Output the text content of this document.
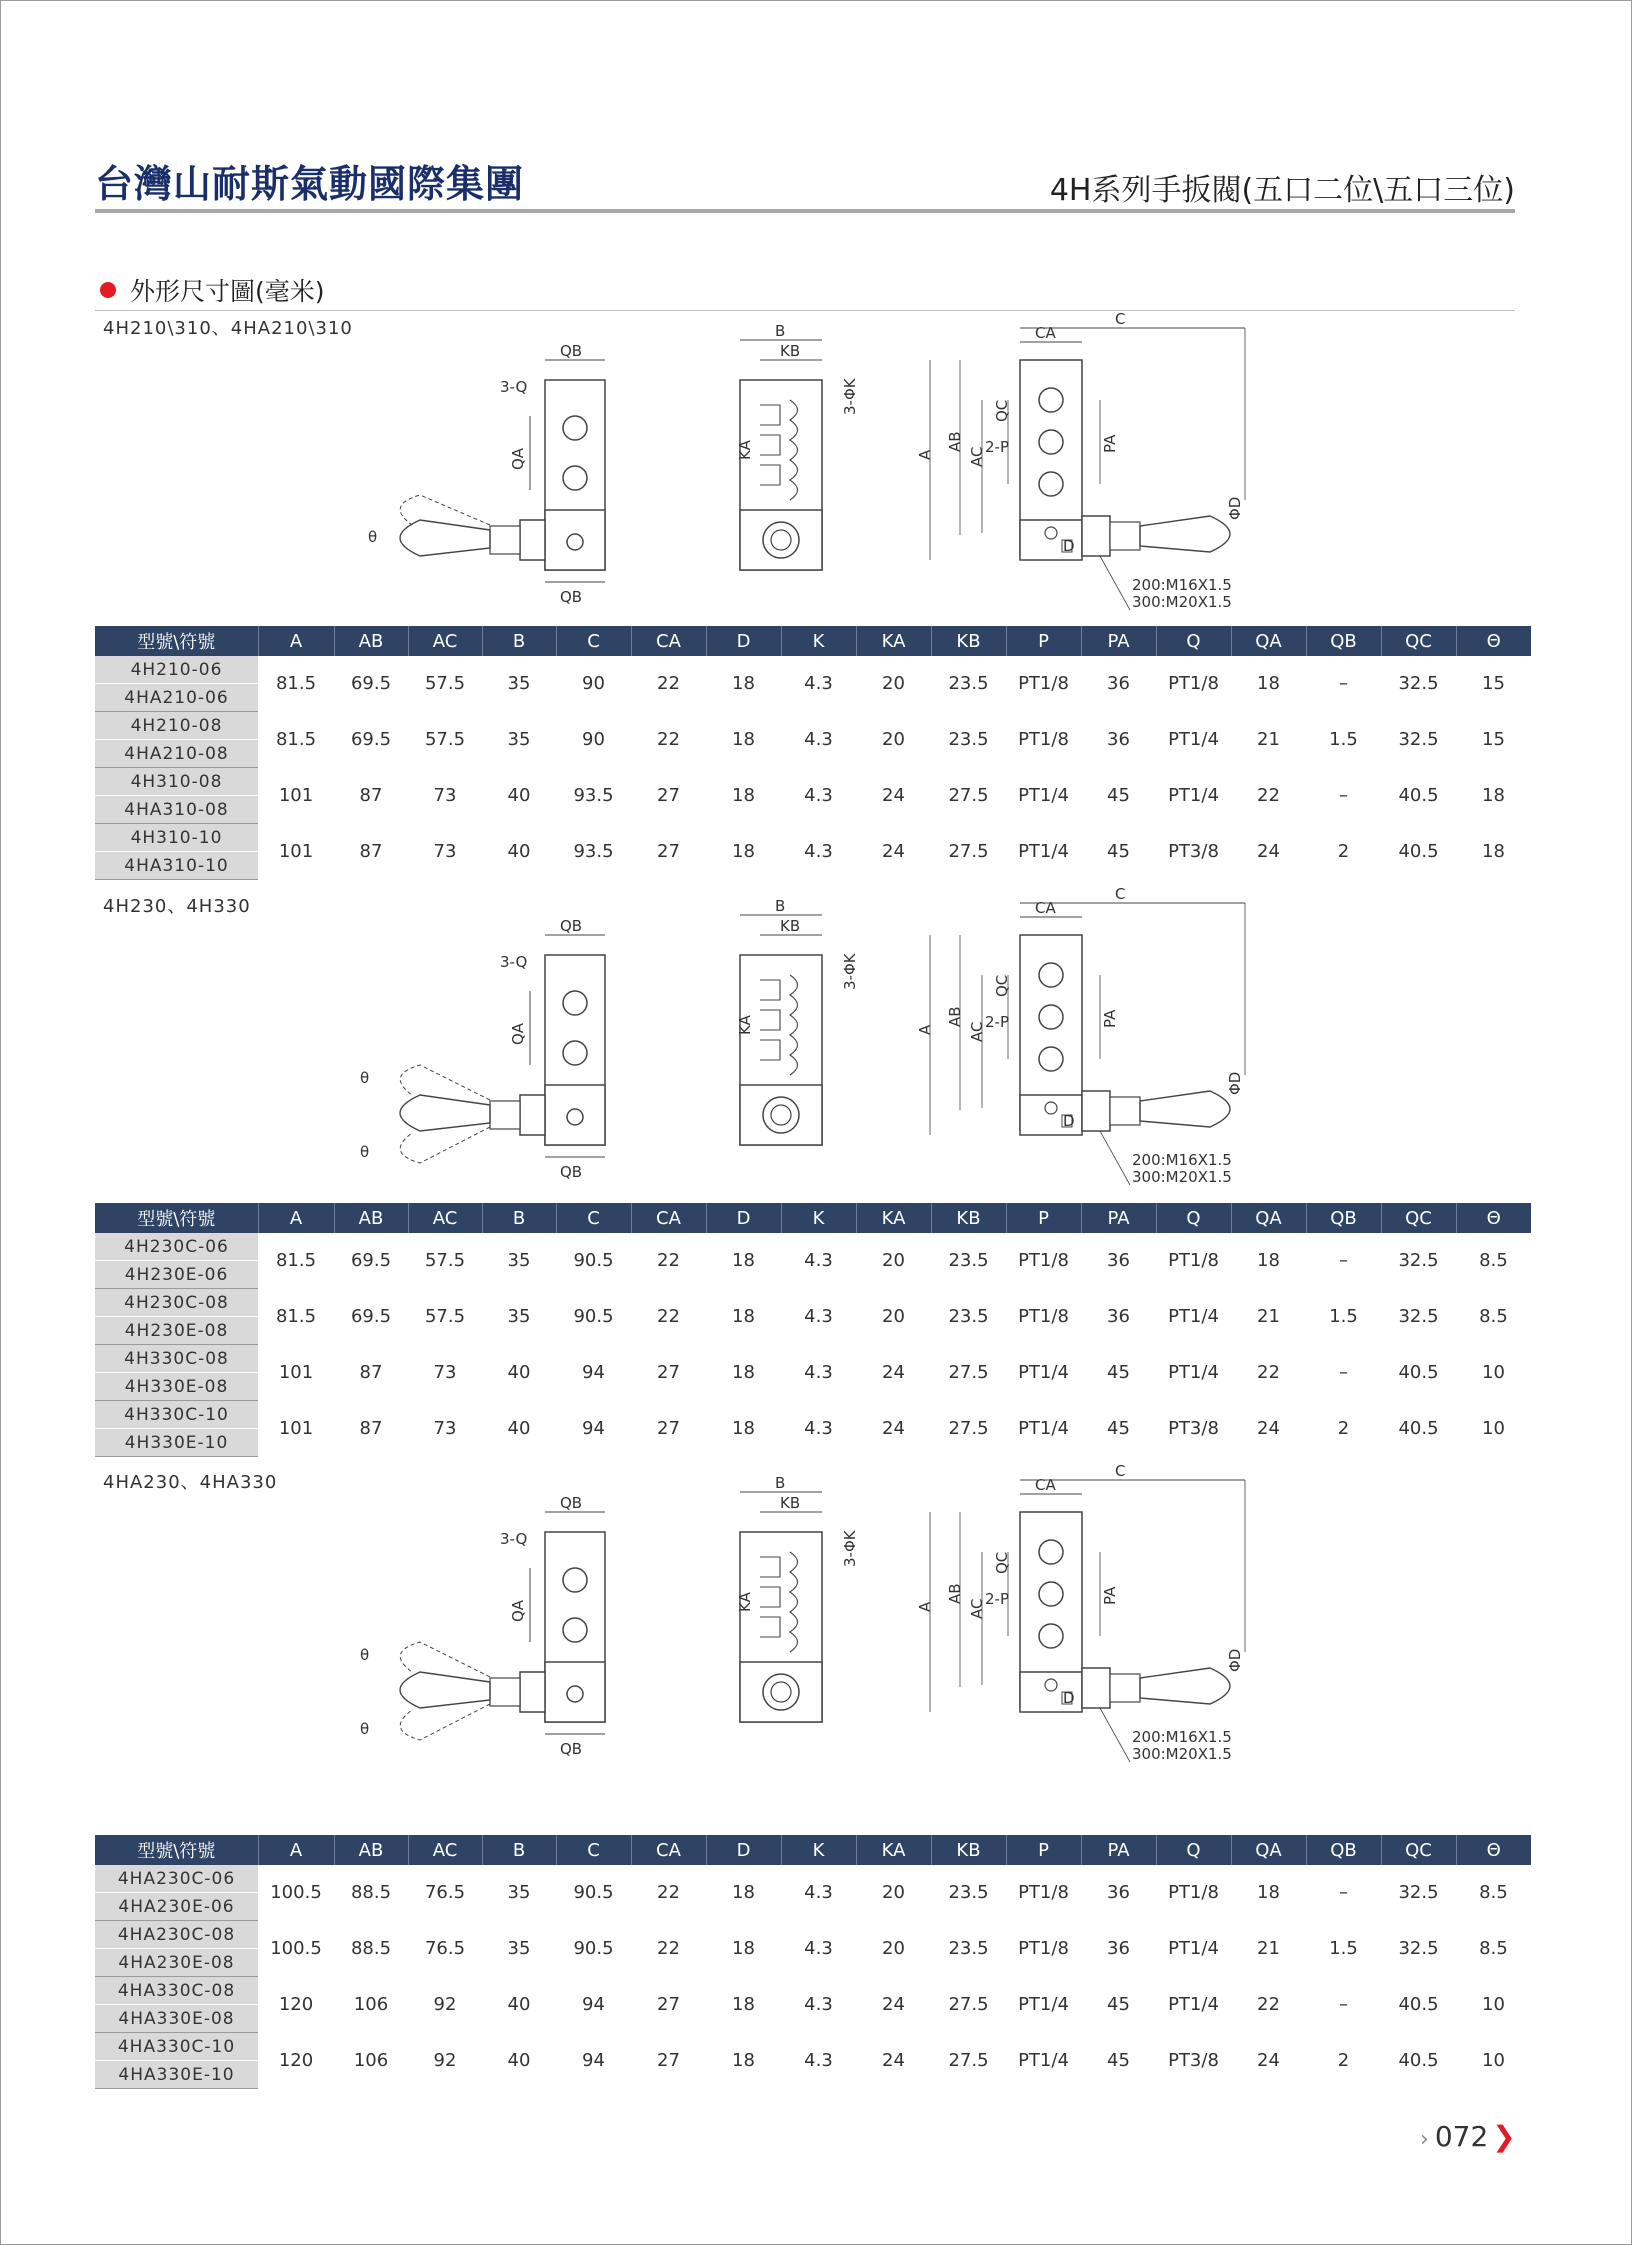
台灣山耐斯氣動國際集團	4H系列手扳閥(五口二位\五口三位)
外形尺寸圖(毫米)
4H210\310、4HA210\310
θ
QB
3-Q
QA
QB
B
KB
KA
3-ΦK
D
CA
C
ΦD
A
AB
AC
QC
2-P	PA
200:M16X1.5
300:M20X1.5
型號\符號	A	AB	AC	B	C	CA	D	K	KA	KB	P	PA	Q	QA	QB	QC	Θ
4H210-06	81.5	69.5	57.5	35	90	22	18	4.3	20	23.5	PT1/8	36	PT1/8	18	–	32.5	15
4HA210-06																	
4H210-08	81.5	69.5	57.5	35	90	22	18	4.3	20	23.5	PT1/8	36	PT1/4	21	1.5	32.5	15
4HA210-08																	
4H310-08	101	87	73	40	93.5	27	18	4.3	24	27.5	PT1/4	45	PT1/4	22	–	40.5	18
4HA310-08																	
4H310-10	101	87	73	40	93.5	27	18	4.3	24	27.5	PT1/4	45	PT3/8	24	2	40.5	18
4HA310-10																	
4H230、4H330
θ
θ
QB
3-Q
QA
QB
B
KB
KA
3-ΦK
D
CA
C
ΦD
A
AB
AC
QC
2-P	PA
200:M16X1.5
300:M20X1.5
型號\符號	A	AB	AC	B	C	CA	D	K	KA	KB	P	PA	Q	QA	QB	QC	Θ
4H230C-06	81.5	69.5	57.5	35	90.5	22	18	4.3	20	23.5	PT1/8	36	PT1/8	18	–	32.5	8.5
4H230E-06																	
4H230C-08	81.5	69.5	57.5	35	90.5	22	18	4.3	20	23.5	PT1/8	36	PT1/4	21	1.5	32.5	8.5
4H230E-08																	
4H330C-08	101	87	73	40	94	27	18	4.3	24	27.5	PT1/4	45	PT1/4	22	–	40.5	10
4H330E-08																	
4H330C-10	101	87	73	40	94	27	18	4.3	24	27.5	PT1/4	45	PT3/8	24	2	40.5	10
4H330E-10																	
4HA230、4HA330
θ
θ
QB
3-Q
QA
QB
B
KB
KA
3-ΦK
D
CA
C
ΦD
A
AB
AC
QC
2-P	PA
200:M16X1.5
300:M20X1.5
型號\符號	A	AB	AC	B	C	CA	D	K	KA	KB	P	PA	Q	QA	QB	QC	Θ
4HA230C-06	100.5	88.5	76.5	35	90.5	22	18	4.3	20	23.5	PT1/8	36	PT1/8	18	–	32.5	8.5
4HA230E-06																	
4HA230C-08	100.5	88.5	76.5	35	90.5	22	18	4.3	20	23.5	PT1/8	36	PT1/4	21	1.5	32.5	8.5
4HA230E-08																	
4HA330C-08	120	106	92	40	94	27	18	4.3	24	27.5	PT1/4	45	PT1/4	22	–	40.5	10
4HA330E-08																	
4HA330C-10	120	106	92	40	94	27	18	4.3	24	27.5	PT1/4	45	PT3/8	24	2	40.5	10
4HA330E-10																	
› 072 ❯
